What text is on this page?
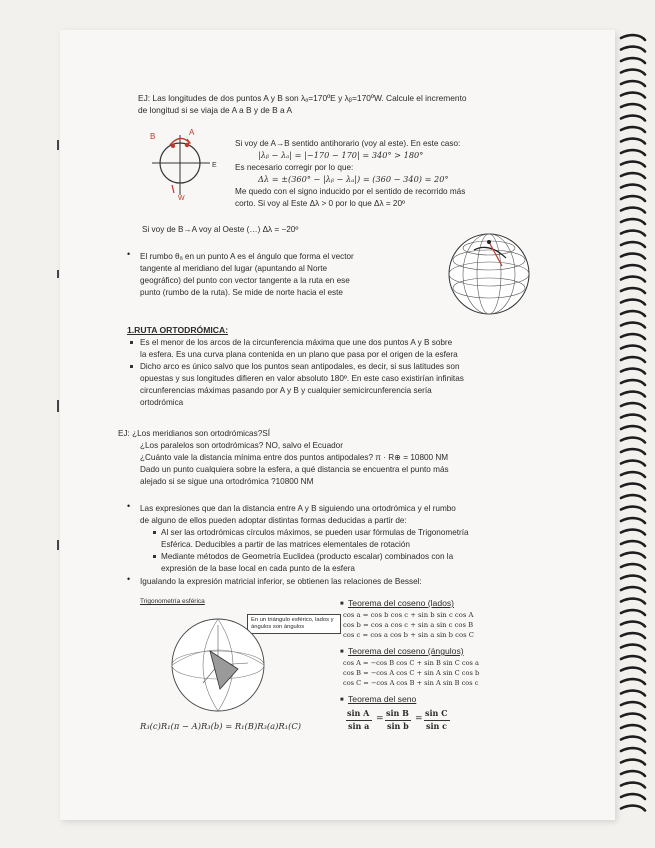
EJ: Las longitudes de dos puntos A y B son λₐ=170ºE y λᵦ=170ºW. Calcule el incremento
de longitud si se viaja de A a B y de B a A
B	A
E
W
Si voy de A→B sentido antihorario (voy al este). En este caso:
|λᵦ − λₐ| = |−170 − 170| = 340° > 180°
Es necesario corregir por lo que:
Δλ = ±(360° − |λᵦ − λₐ|) = (360 − 340) = 20°
Me quedo con el signo inducido por el sentido de recorrido más
corto. Si voy al Este Δλ > 0 por lo que Δλ = 20º
Si voy de B→A voy al Oeste (…) Δλ = −20º
• El rumbo θₐ en un punto A es el ángulo que forma el vector
tangente al meridiano del lugar (apuntando al Norte
geográfico) del punto con vector tangente a la ruta en ese
punto (rumbo de la ruta). Se mide de norte hacia el este
1.RUTA ORTODRÓMICA:
Es el menor de los arcos de la circunferencia máxima que une dos puntos A y B sobre
la esfera. Es una curva plana contenida en un plano que pasa por el origen de la esfera
Dicho arco es único salvo que los puntos sean antipodales, es decir, si sus latitudes son
opuestas y sus longitudes difieren en valor absoluto 180º. En este caso existirían infinitas
circunferencias máximas pasando por A y B y cualquier semicircunferencia sería
ortodrómica
EJ: ¿Los meridianos son ortodrómicas?SÍ
¿Los paralelos son ortodrómicas? NO, salvo el Ecuador
¿Cuánto vale la distancia mínima entre dos puntos antipodales? π · R⊕ = 10800 NM
Dado un punto cualquiera sobre la esfera, a qué distancia se encuentra el punto más
alejado si se sigue una ortodrómica ?10800 NM
• Las expresiones que dan la distancia entre A y B siguiendo una ortodrómica y el rumbo
de alguno de ellos pueden adoptar distintas formas deducidas a partir de:
Al ser las ortodrómicas círculos máximos, se pueden usar fórmulas de Trigonometría
Esférica. Deducibles a partir de las matrices elementales de rotación
Mediante métodos de Geometría Euclidea (producto escalar) combinados con la
expresión de la base local en cada punto de la esfera
• Igualando la expresión matricial inferior, se obtienen las relaciones de Bessel:
Trigonometría esférica
En un triángulo esférico, lados y ángulos son ángulos
R₃(c)R₁(π − A)R₃(b) = R₁(B)R₃(a)R₁(C)
■ Teorema del coseno (lados)
cos a = cos b cos c + sin b sin c cos A
cos b = cos a cos c + sin a sin c cos B
cos c = cos a cos b + sin a sin b cos C
■ Teorema del coseno (ángulos)
cos A = −cos B cos C + sin B sin C cos a
cos B = −cos A cos C + sin A sin C cos b
cos C = −cos A cos B + sin A sin B cos c
■ Teorema del seno
sin A
sin a
=
sin B
sin b
=
sin C
sin c
